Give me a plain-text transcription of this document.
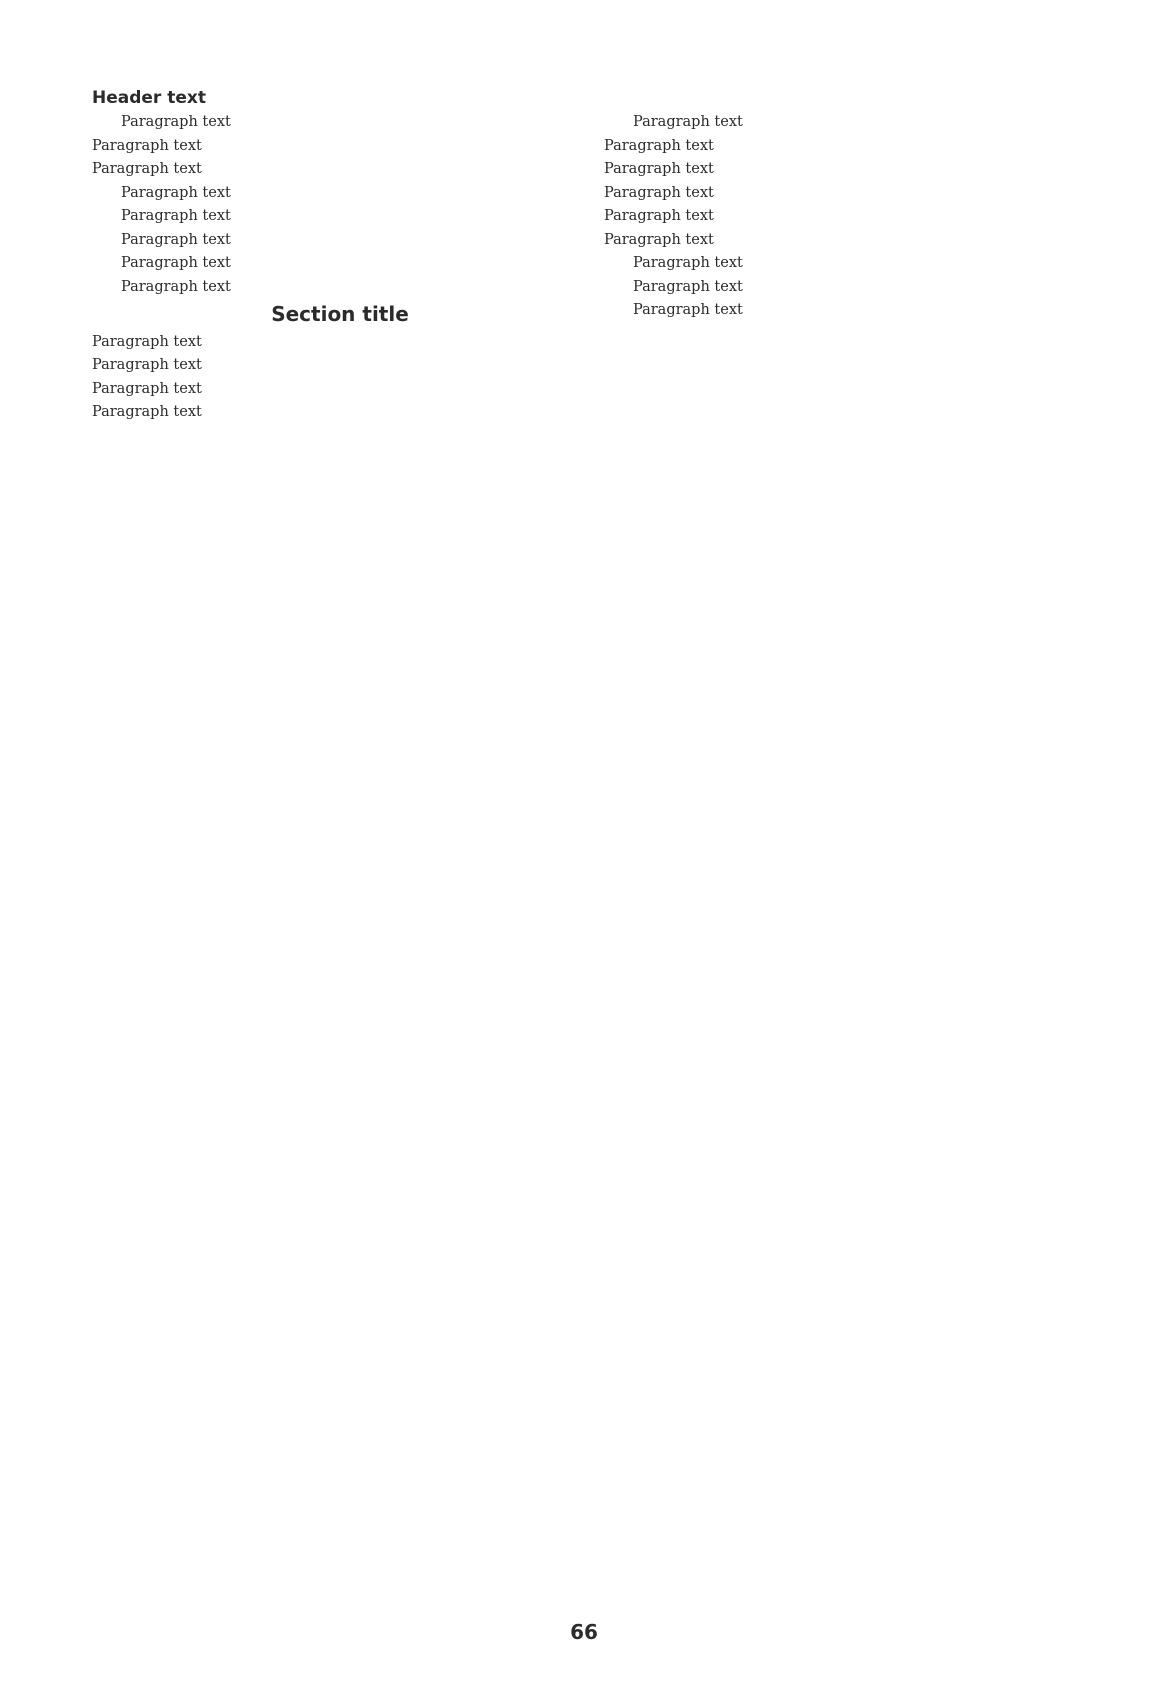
Header text

Paragraph text

Paragraph text

Paragraph text

Paragraph text

Paragraph text

Paragraph text

Paragraph text

Paragraph text

Section title

Paragraph text

Paragraph text

Paragraph text

Paragraph text

Paragraph text

Paragraph text

Paragraph text

Paragraph text

Paragraph text

Paragraph text

Paragraph text

Paragraph text

Paragraph text

66
